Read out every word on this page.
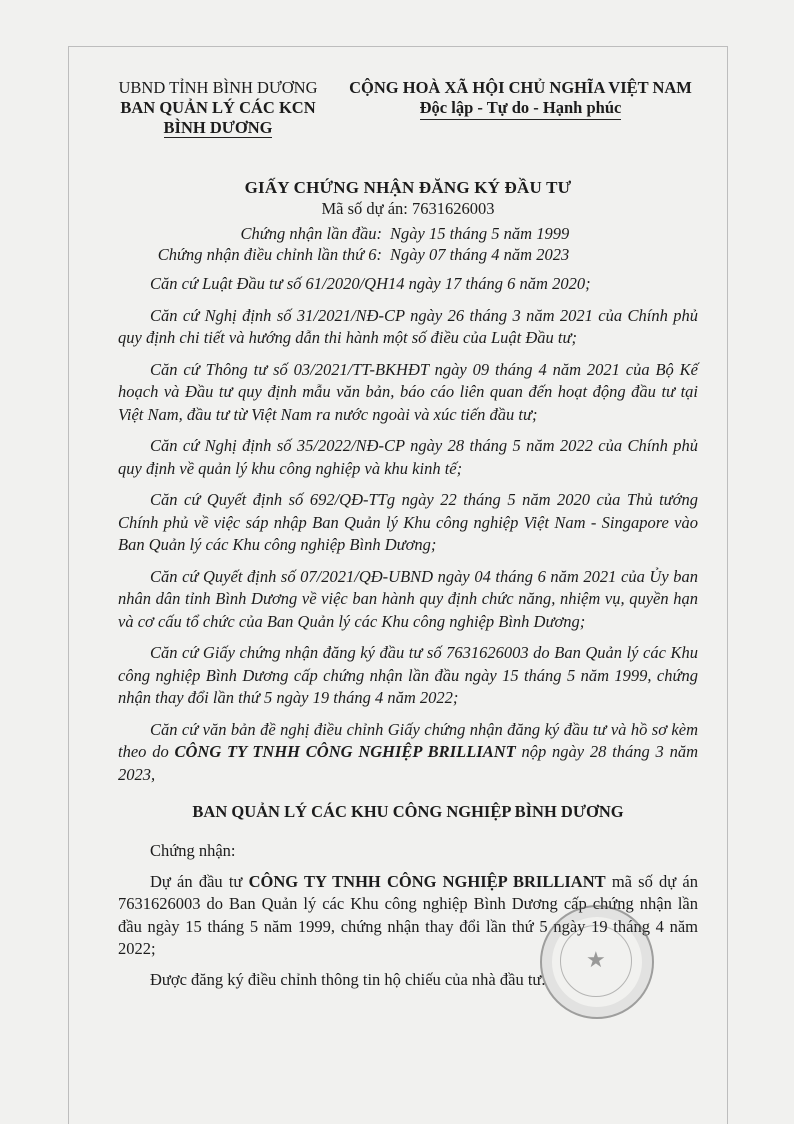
UBND TỈNH BÌNH DƯƠNG
BAN QUẢN LÝ CÁC KCN
BÌNH DƯƠNG
CỘNG HOÀ XÃ HỘI CHỦ NGHĨA VIỆT NAM
Độc lập - Tự do - Hạnh phúc
GIẤY CHỨNG NHẬN ĐĂNG KÝ ĐẦU TƯ
Mã số dự án: 7631626003
Chứng nhận lần đầu: Ngày 15 tháng 5 năm 1999
Chứng nhận điều chỉnh lần thứ 6: Ngày 07 tháng 4 năm 2023

Căn cứ Luật Đầu tư số 61/2020/QH14 ngày 17 tháng 6 năm 2020;

Căn cứ Nghị định số 31/2021/NĐ-CP ngày 26 tháng 3 năm 2021 của Chính phủ quy định chi tiết và hướng dẫn thi hành một số điều của Luật Đầu tư;

Căn cứ Thông tư số 03/2021/TT-BKHĐT ngày 09 tháng 4 năm 2021 của Bộ Kế hoạch và Đầu tư quy định mẫu văn bản, báo cáo liên quan đến hoạt động đầu tư tại Việt Nam, đầu tư từ Việt Nam ra nước ngoài và xúc tiến đầu tư;

Căn cứ Nghị định số 35/2022/NĐ-CP ngày 28 tháng 5 năm 2022 của Chính phủ quy định về quản lý khu công nghiệp và khu kinh tế;

Căn cứ Quyết định số 692/QĐ-TTg ngày 22 tháng 5 năm 2020 của Thủ tướng Chính phủ về việc sáp nhập Ban Quản lý Khu công nghiệp Việt Nam - Singapore vào Ban Quản lý các Khu công nghiệp Bình Dương;

Căn cứ Quyết định số 07/2021/QĐ-UBND ngày 04 tháng 6 năm 2021 của Ủy ban nhân dân tỉnh Bình Dương về việc ban hành quy định chức năng, nhiệm vụ, quyền hạn và cơ cấu tổ chức của Ban Quản lý các Khu công nghiệp Bình Dương;

Căn cứ Giấy chứng nhận đăng ký đầu tư số 7631626003 do Ban Quản lý các Khu công nghiệp Bình Dương cấp chứng nhận lần đầu ngày 15 tháng 5 năm 1999, chứng nhận thay đổi lần thứ 5 ngày 19 tháng 4 năm 2022;

Căn cứ văn bản đề nghị điều chỉnh Giấy chứng nhận đăng ký đầu tư và hồ sơ kèm theo do CÔNG TY TNHH CÔNG NGHIỆP BRILLIANT nộp ngày 28 tháng 3 năm 2023,

BAN QUẢN LÝ CÁC KHU CÔNG NGHIỆP BÌNH DƯƠNG

Chứng nhận:

Dự án đầu tư CÔNG TY TNHH CÔNG NGHIỆP BRILLIANT mã số dự án 7631626003 do Ban Quản lý các Khu công nghiệp Bình Dương cấp chứng nhận lần đầu ngày 15 tháng 5 năm 1999, chứng nhận thay đổi lần thứ 5 ngày 19 tháng 4 năm 2022;

Được đăng ký điều chỉnh thông tin hộ chiếu của nhà đầu tư.

★
